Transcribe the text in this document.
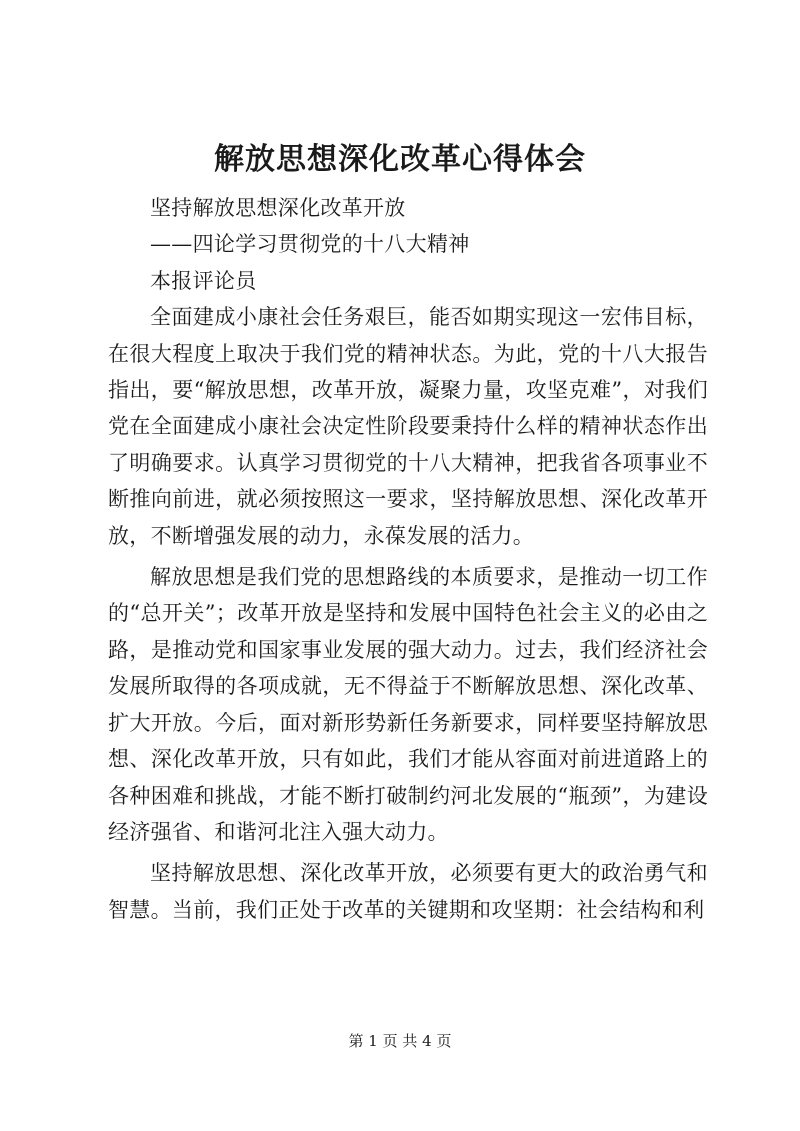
解放思想深化改革心得体会

坚持解放思想深化改革开放

——四论学习贯彻党的十八大精神

本报评论员

全面建成小康社会任务艰巨，能否如期实现这一宏伟目标，在很大程度上取决于我们党的精神状态。为此，党的十八大报告指出，要“解放思想，改革开放，凝聚力量，攻坚克难”，对我们党在全面建成小康社会决定性阶段要秉持什么样的精神状态作出了明确要求。认真学习贯彻党的十八大精神，把我省各项事业不断推向前进，就必须按照这一要求，坚持解放思想、深化改革开放，不断增强发展的动力，永葆发展的活力。

解放思想是我们党的思想路线的本质要求，是推动一切工作的“总开关”；改革开放是坚持和发展中国特色社会主义的必由之路，是推动党和国家事业发展的强大动力。过去，我们经济社会发展所取得的各项成就，无不得益于不断解放思想、深化改革、扩大开放。今后，面对新形势新任务新要求，同样要坚持解放思想、深化改革开放，只有如此，我们才能从容面对前进道路上的各种困难和挑战，才能不断打破制约河北发展的“瓶颈”，为建设经济强省、和谐河北注入强大动力。

坚持解放思想、深化改革开放，必须要有更大的政治勇气和智慧。当前，我们正处于改革的关键期和攻坚期：社会结构和利

第 1 页 共 4 页
